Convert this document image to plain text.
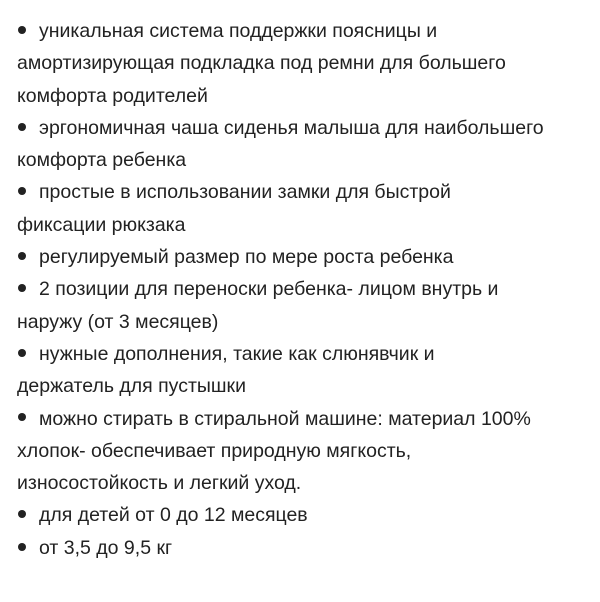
уникальная система поддержки поясницы и
амортизирующая подкладка под ремни для большего
комфорта родителей
эргономичная чаша сиденья малыша для наибольшего
комфорта ребенка
простые в использовании замки для быстрой
фиксации рюкзака
регулируемый размер по мере роста ребенка
2 позиции для переноски ребенка- лицом внутрь и
наружу (от 3 месяцев)
нужные дополнения, такие как слюнявчик и
держатель для пустышки
можно стирать в стиральной машине: материал 100%
хлопок- обеспечивает природную мягкость,
износостойкость и легкий уход.
для детей от 0 до 12 месяцев
от 3,5 до 9,5 кг
